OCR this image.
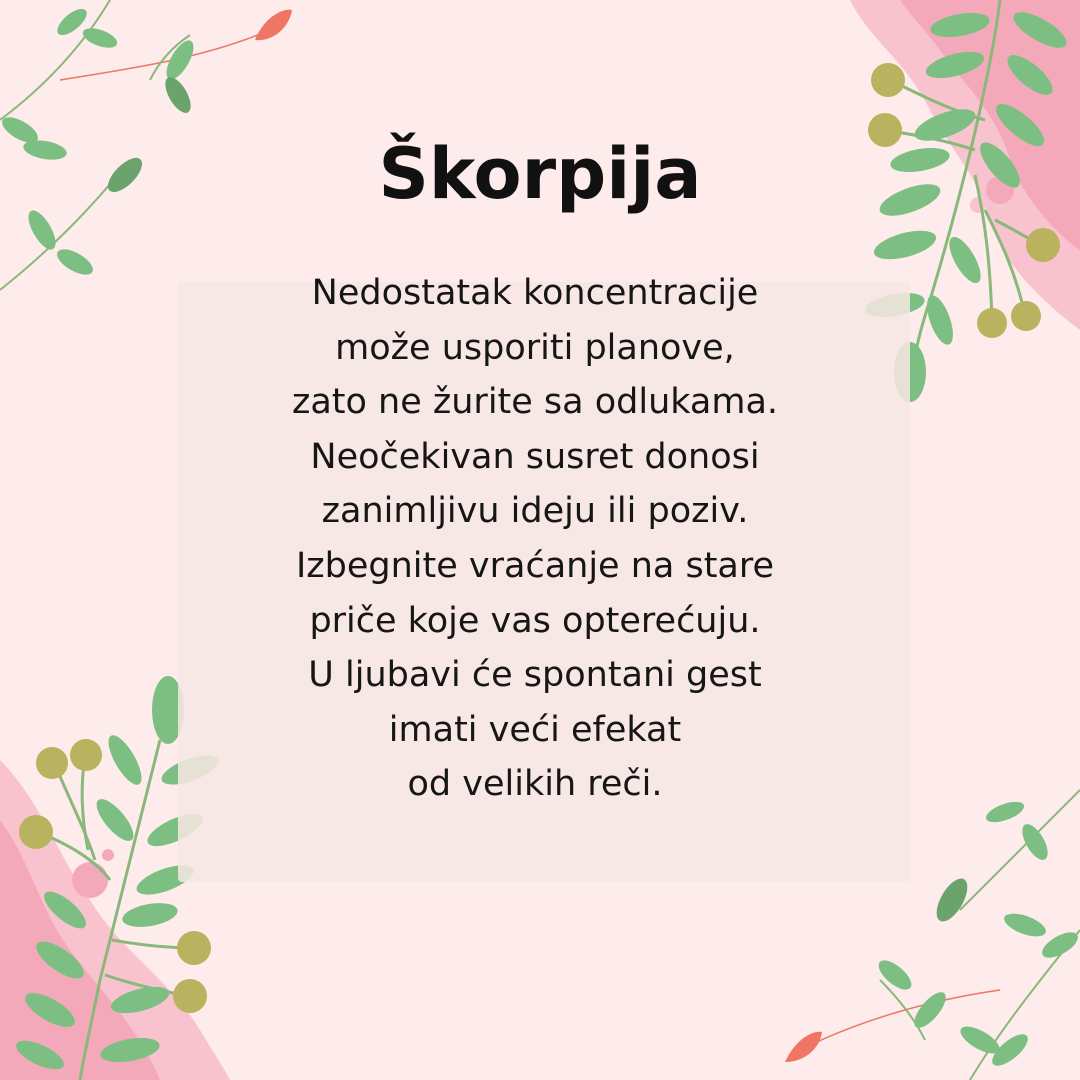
Škorpija
Nedostatak koncentracije
može usporiti planove,
zato ne žurite sa odlukama.
Neočekivan susret donosi
zanimljivu ideju ili poziv.
Izbegnite vraćanje na stare
priče koje vas opterećuju.
U ljubavi će spontani gest
imati veći efekat
od velikih reči.
